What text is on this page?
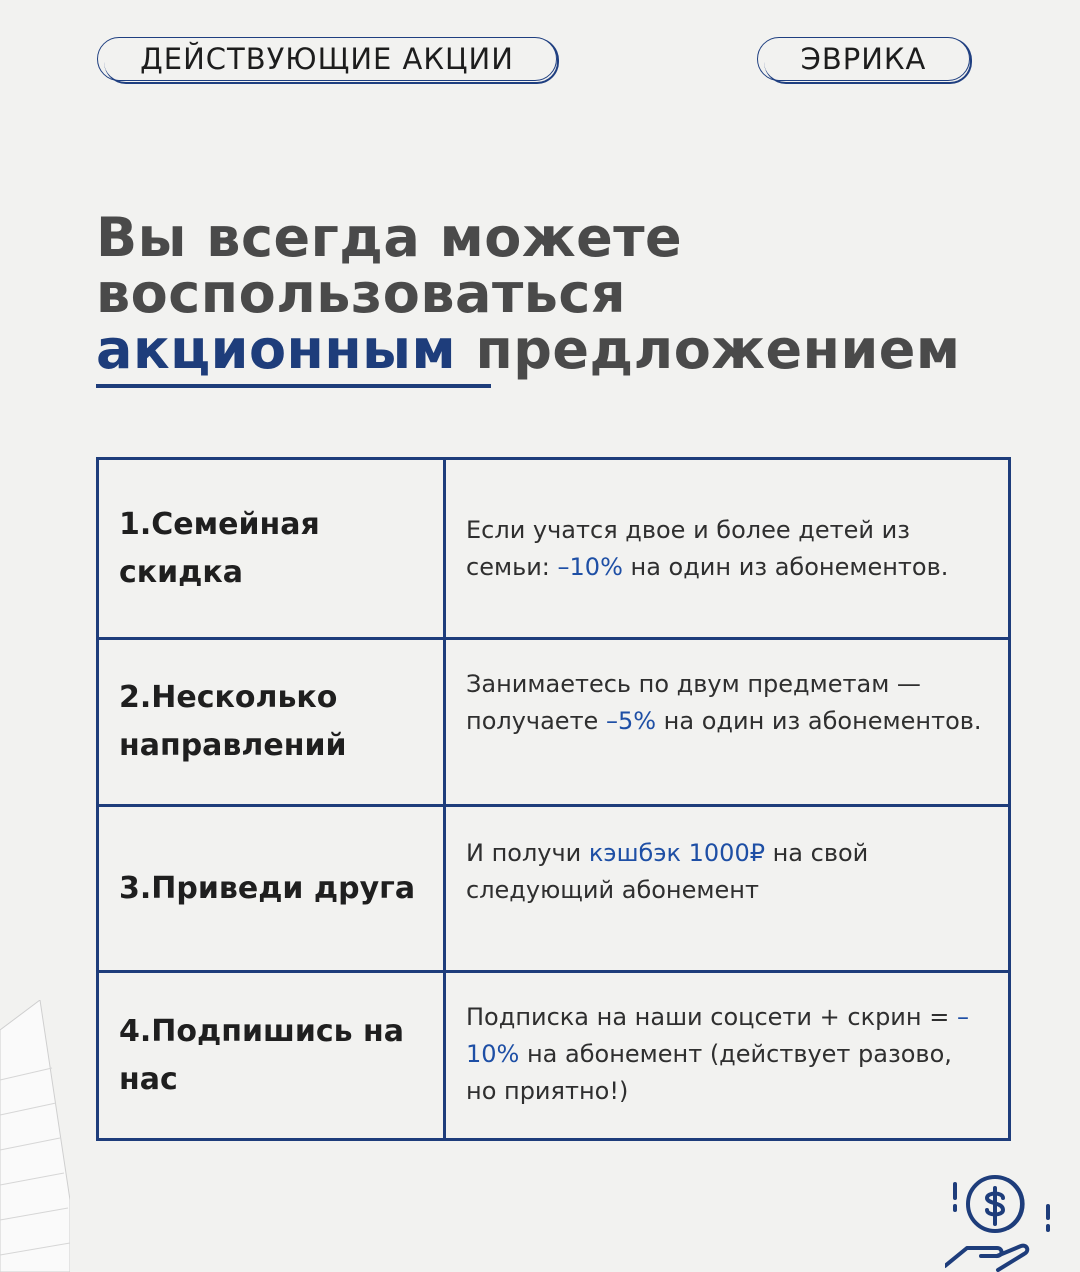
ДЕЙСТВУЮЩИЕ АКЦИИ	ЭВРИКА
Вы всегда можете
воспользоваться
акционным предложением
1.Семейная скидка	Если учатся двое и более детей из семьи: –10% на один из абонементов.
2.Несколько направлений	Занимаетесь по двум предметам — получаете –5% на один из абонементов.
3.Приведи друга	И получи кэшбэк 1000₽ на свой следующий абонемент
4.Подпишись на нас	Подписка на наши соцсети + скрин = –10% на абонемент (действует разово, но приятно!)
